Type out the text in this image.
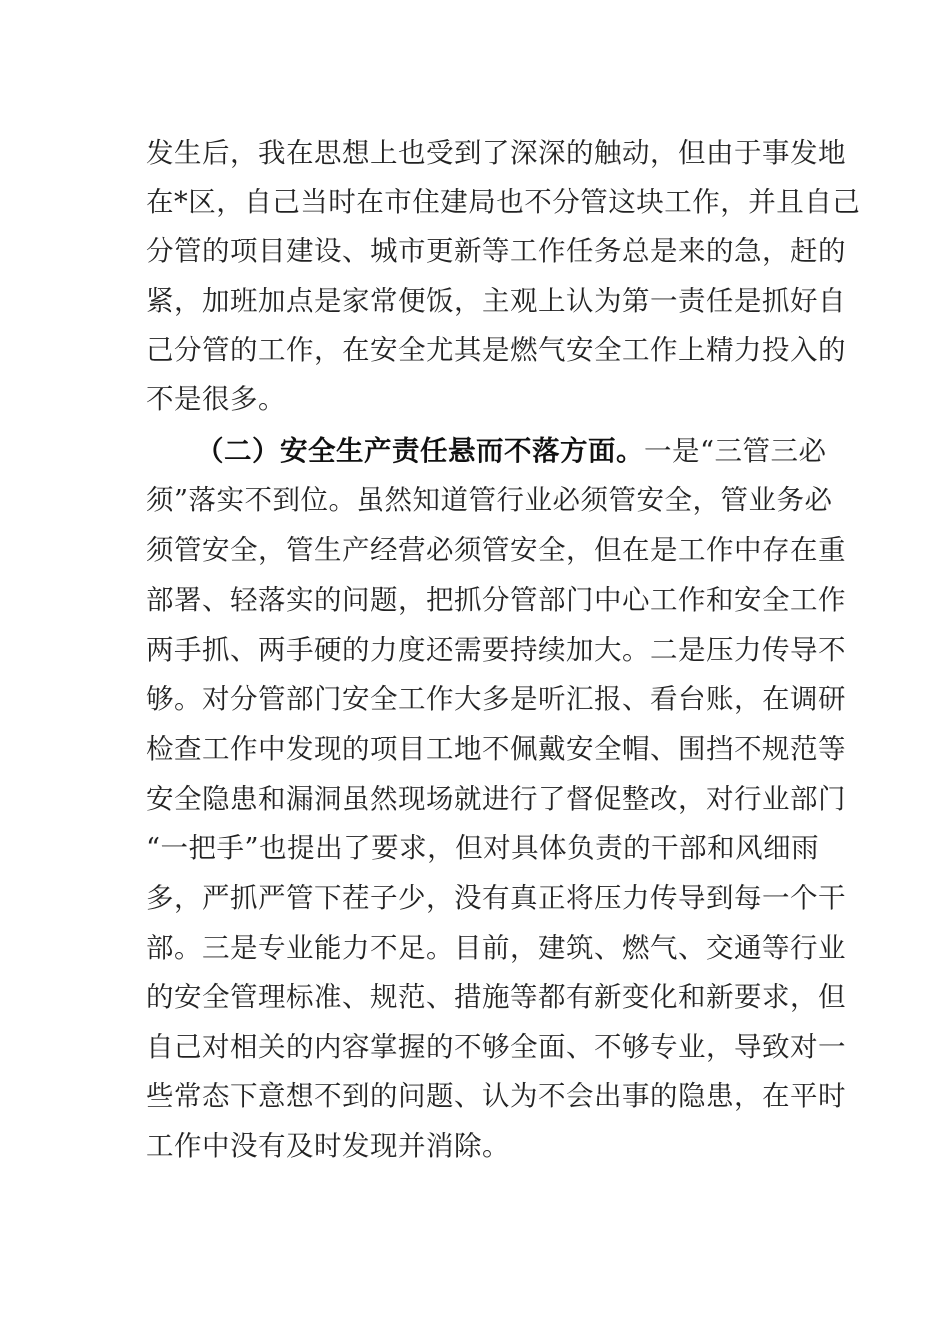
发生后，我在思想上也受到了深深的触动，但由于事发地
在*区，自己当时在市住建局也不分管这块工作，并且自己
分管的项目建设、城市更新等工作任务总是来的急，赶的
紧，加班加点是家常便饭，主观上认为第一责任是抓好自
己分管的工作，在安全尤其是燃气安全工作上精力投入的
不是很多。
（二）安全生产责任悬而不落方面。一是“三管三必
须”落实不到位。虽然知道管行业必须管安全，管业务必
须管安全，管生产经营必须管安全，但在是工作中存在重
部署、轻落实的问题，把抓分管部门中心工作和安全工作
两手抓、两手硬的力度还需要持续加大。二是压力传导不
够。对分管部门安全工作大多是听汇报、看台账，在调研
检查工作中发现的项目工地不佩戴安全帽、围挡不规范等
安全隐患和漏洞虽然现场就进行了督促整改，对行业部门
“一把手”也提出了要求，但对具体负责的干部和风细雨
多，严抓严管下茬子少，没有真正将压力传导到每一个干
部。三是专业能力不足。目前，建筑、燃气、交通等行业
的安全管理标准、规范、措施等都有新变化和新要求，但
自己对相关的内容掌握的不够全面、不够专业，导致对一
些常态下意想不到的问题、认为不会出事的隐患，在平时
工作中没有及时发现并消除。
